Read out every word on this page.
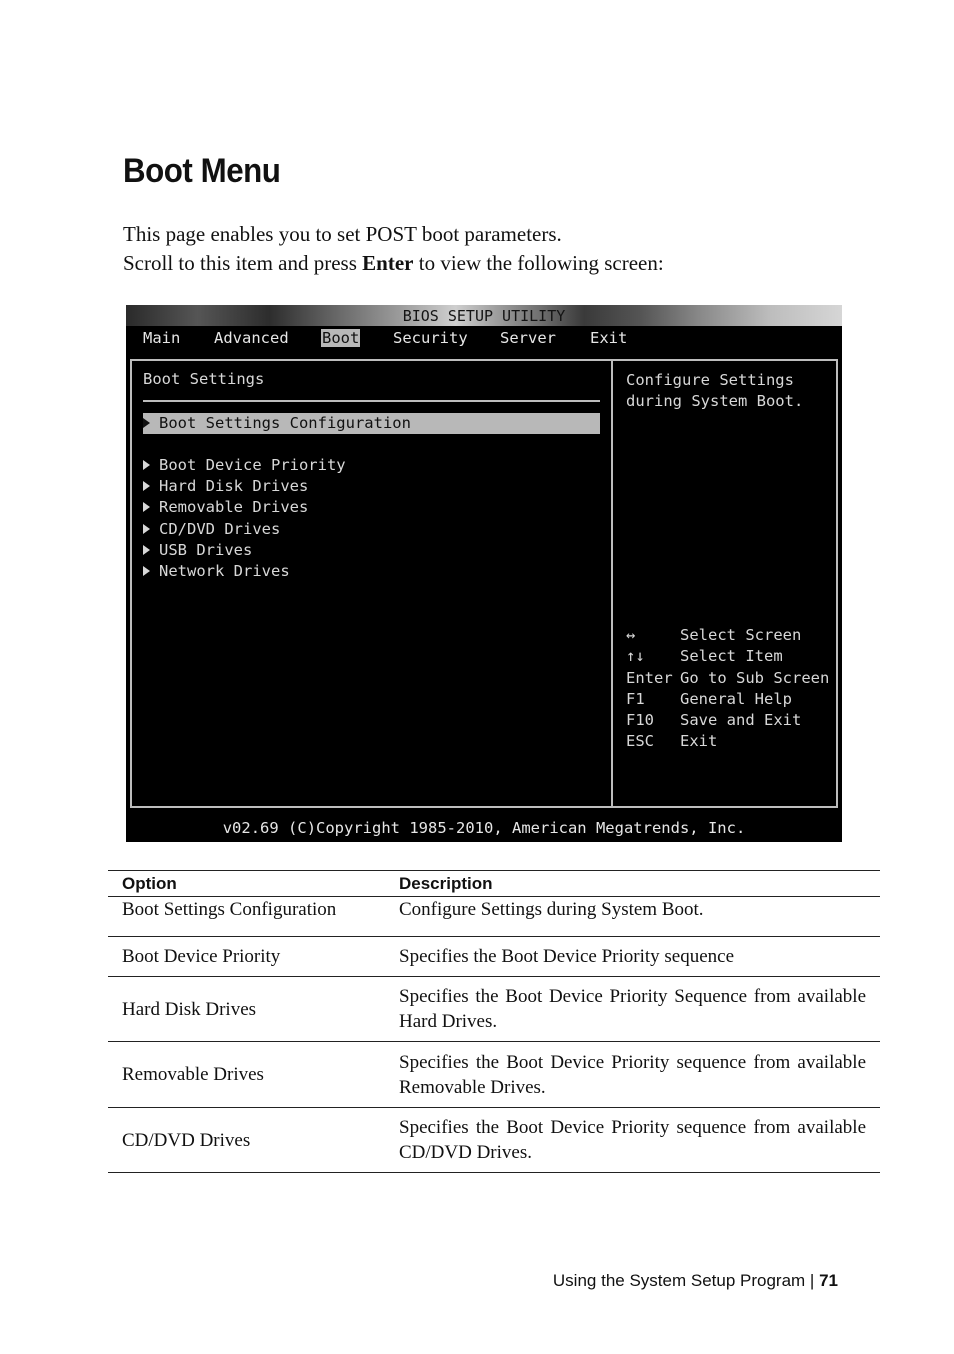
Boot Menu

This page enables you to set POST boot parameters.
Scroll to this item and press Enter to view the following screen:

BIOS SETUP UTILITY
Main Advanced Boot Security Server Exit
Boot Settings
Boot Settings Configuration
Boot Device Priority
Hard Disk Drives
Removable Drives
CD/DVD Drives
USB Drives
Network Drives
Configure Settings
during System Boot.
↔	Select Screen
↑↓ Select Item
Enter Go to Sub Screen
F1 General Help
F10 Save and Exit
ESC Exit
v02.69 (C)Copyright 1985-2010, American Megatrends, Inc.
Option	Description
Boot Settings Configuration	Configure Settings during System Boot.
Boot Device Priority	Specifies the Boot Device Priority sequence
Hard Disk Drives	Specifies the Boot Device Priority Sequence from available Hard Drives.
Removable Drives	Specifies the Boot Device Priority sequence from available Removable Drives.
CD/DVD Drives	Specifies the Boot Device Priority sequence from available CD/DVD Drives.
Using the System Setup Program | 71
